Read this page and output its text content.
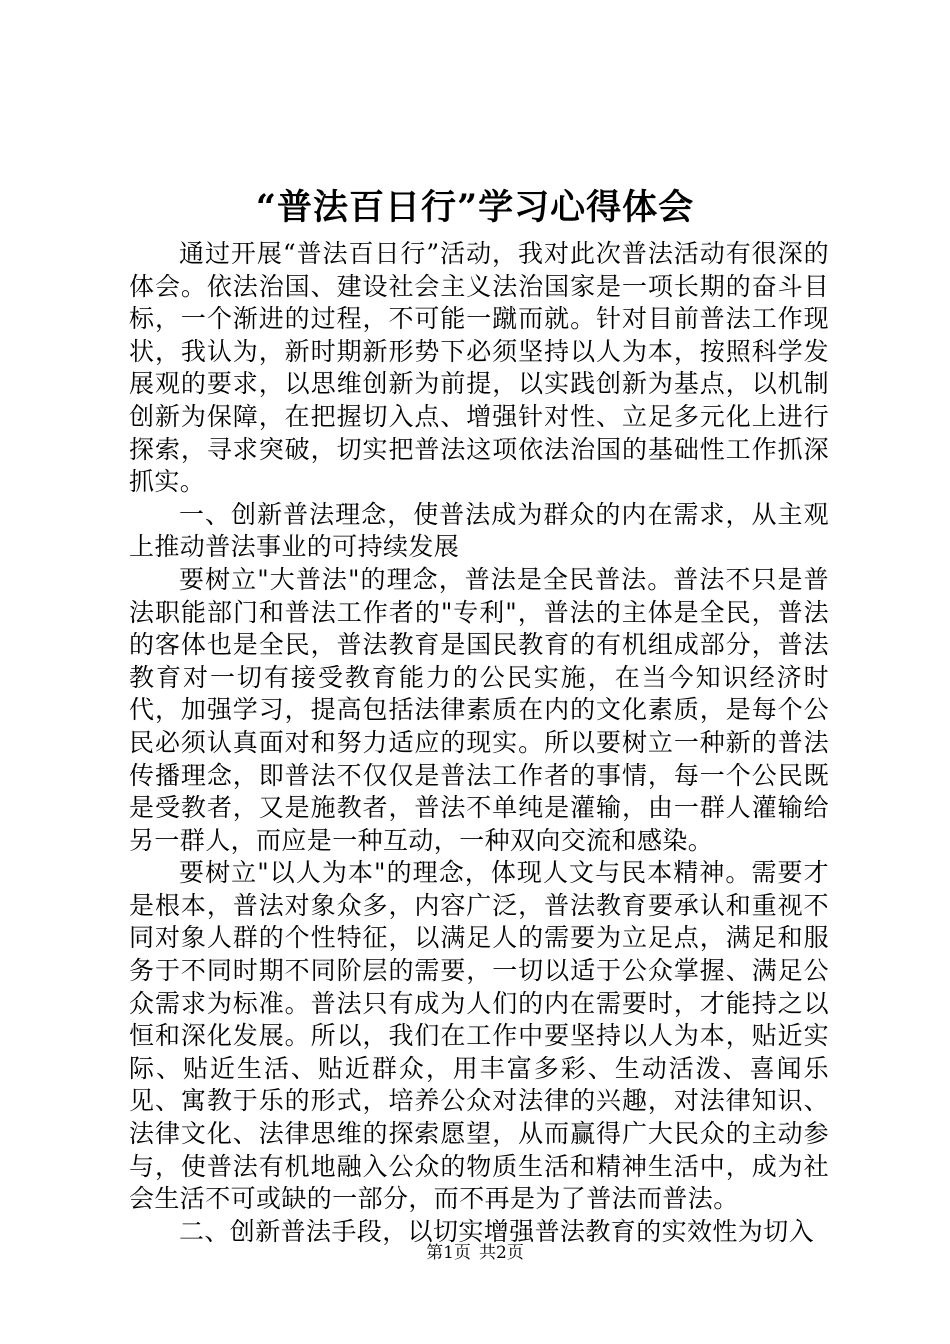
“普法百日行”学习心得体会

通过开展“普法百日行”活动，我对此次普法活动有很深的体会。依法治国、建设社会主义法治国家是一项长期的奋斗目标，一个渐进的过程，不可能一蹴而就。针对目前普法工作现状，我认为，新时期新形势下必须坚持以人为本，按照科学发展观的要求，以思维创新为前提，以实践创新为基点，以机制创新为保障，在把握切入点、增强针对性、立足多元化上进行探索，寻求突破，切实把普法这项依法治国的基础性工作抓深抓实。

一、创新普法理念，使普法成为群众的内在需求，从主观上推动普法事业的可持续发展

要树立"大普法"的理念，普法是全民普法。普法不只是普法职能部门和普法工作者的"专利"，普法的主体是全民，普法的客体也是全民，普法教育是国民教育的有机组成部分，普法教育对一切有接受教育能力的公民实施，在当今知识经济时代，加强学习，提高包括法律素质在内的文化素质，是每个公民必须认真面对和努力适应的现实。所以要树立一种新的普法传播理念，即普法不仅仅是普法工作者的事情，每一个公民既是受教者，又是施教者，普法不单纯是灌输，由一群人灌输给另一群人，而应是一种互动，一种双向交流和感染。

要树立"以人为本"的理念，体现人文与民本精神。需要才是根本，普法对象众多，内容广泛，普法教育要承认和重视不同对象人群的个性特征，以满足人的需要为立足点，满足和服务于不同时期不同阶层的需要，一切以适于公众掌握、满足公众需求为标准。普法只有成为人们的内在需要时，才能持之以恒和深化发展。所以，我们在工作中要坚持以人为本，贴近实际、贴近生活、贴近群众，用丰富多彩、生动活泼、喜闻乐见、寓教于乐的形式，培养公众对法律的兴趣，对法律知识、法律文化、法律思维的探索愿望，从而赢得广大民众的主动参与，使普法有机地融入公众的物质生活和精神生活中，成为社会生活不可或缺的一部分，而不再是为了普法而普法。

二、创新普法手段，以切实增强普法教育的实效性为切入

第1页 共2页
